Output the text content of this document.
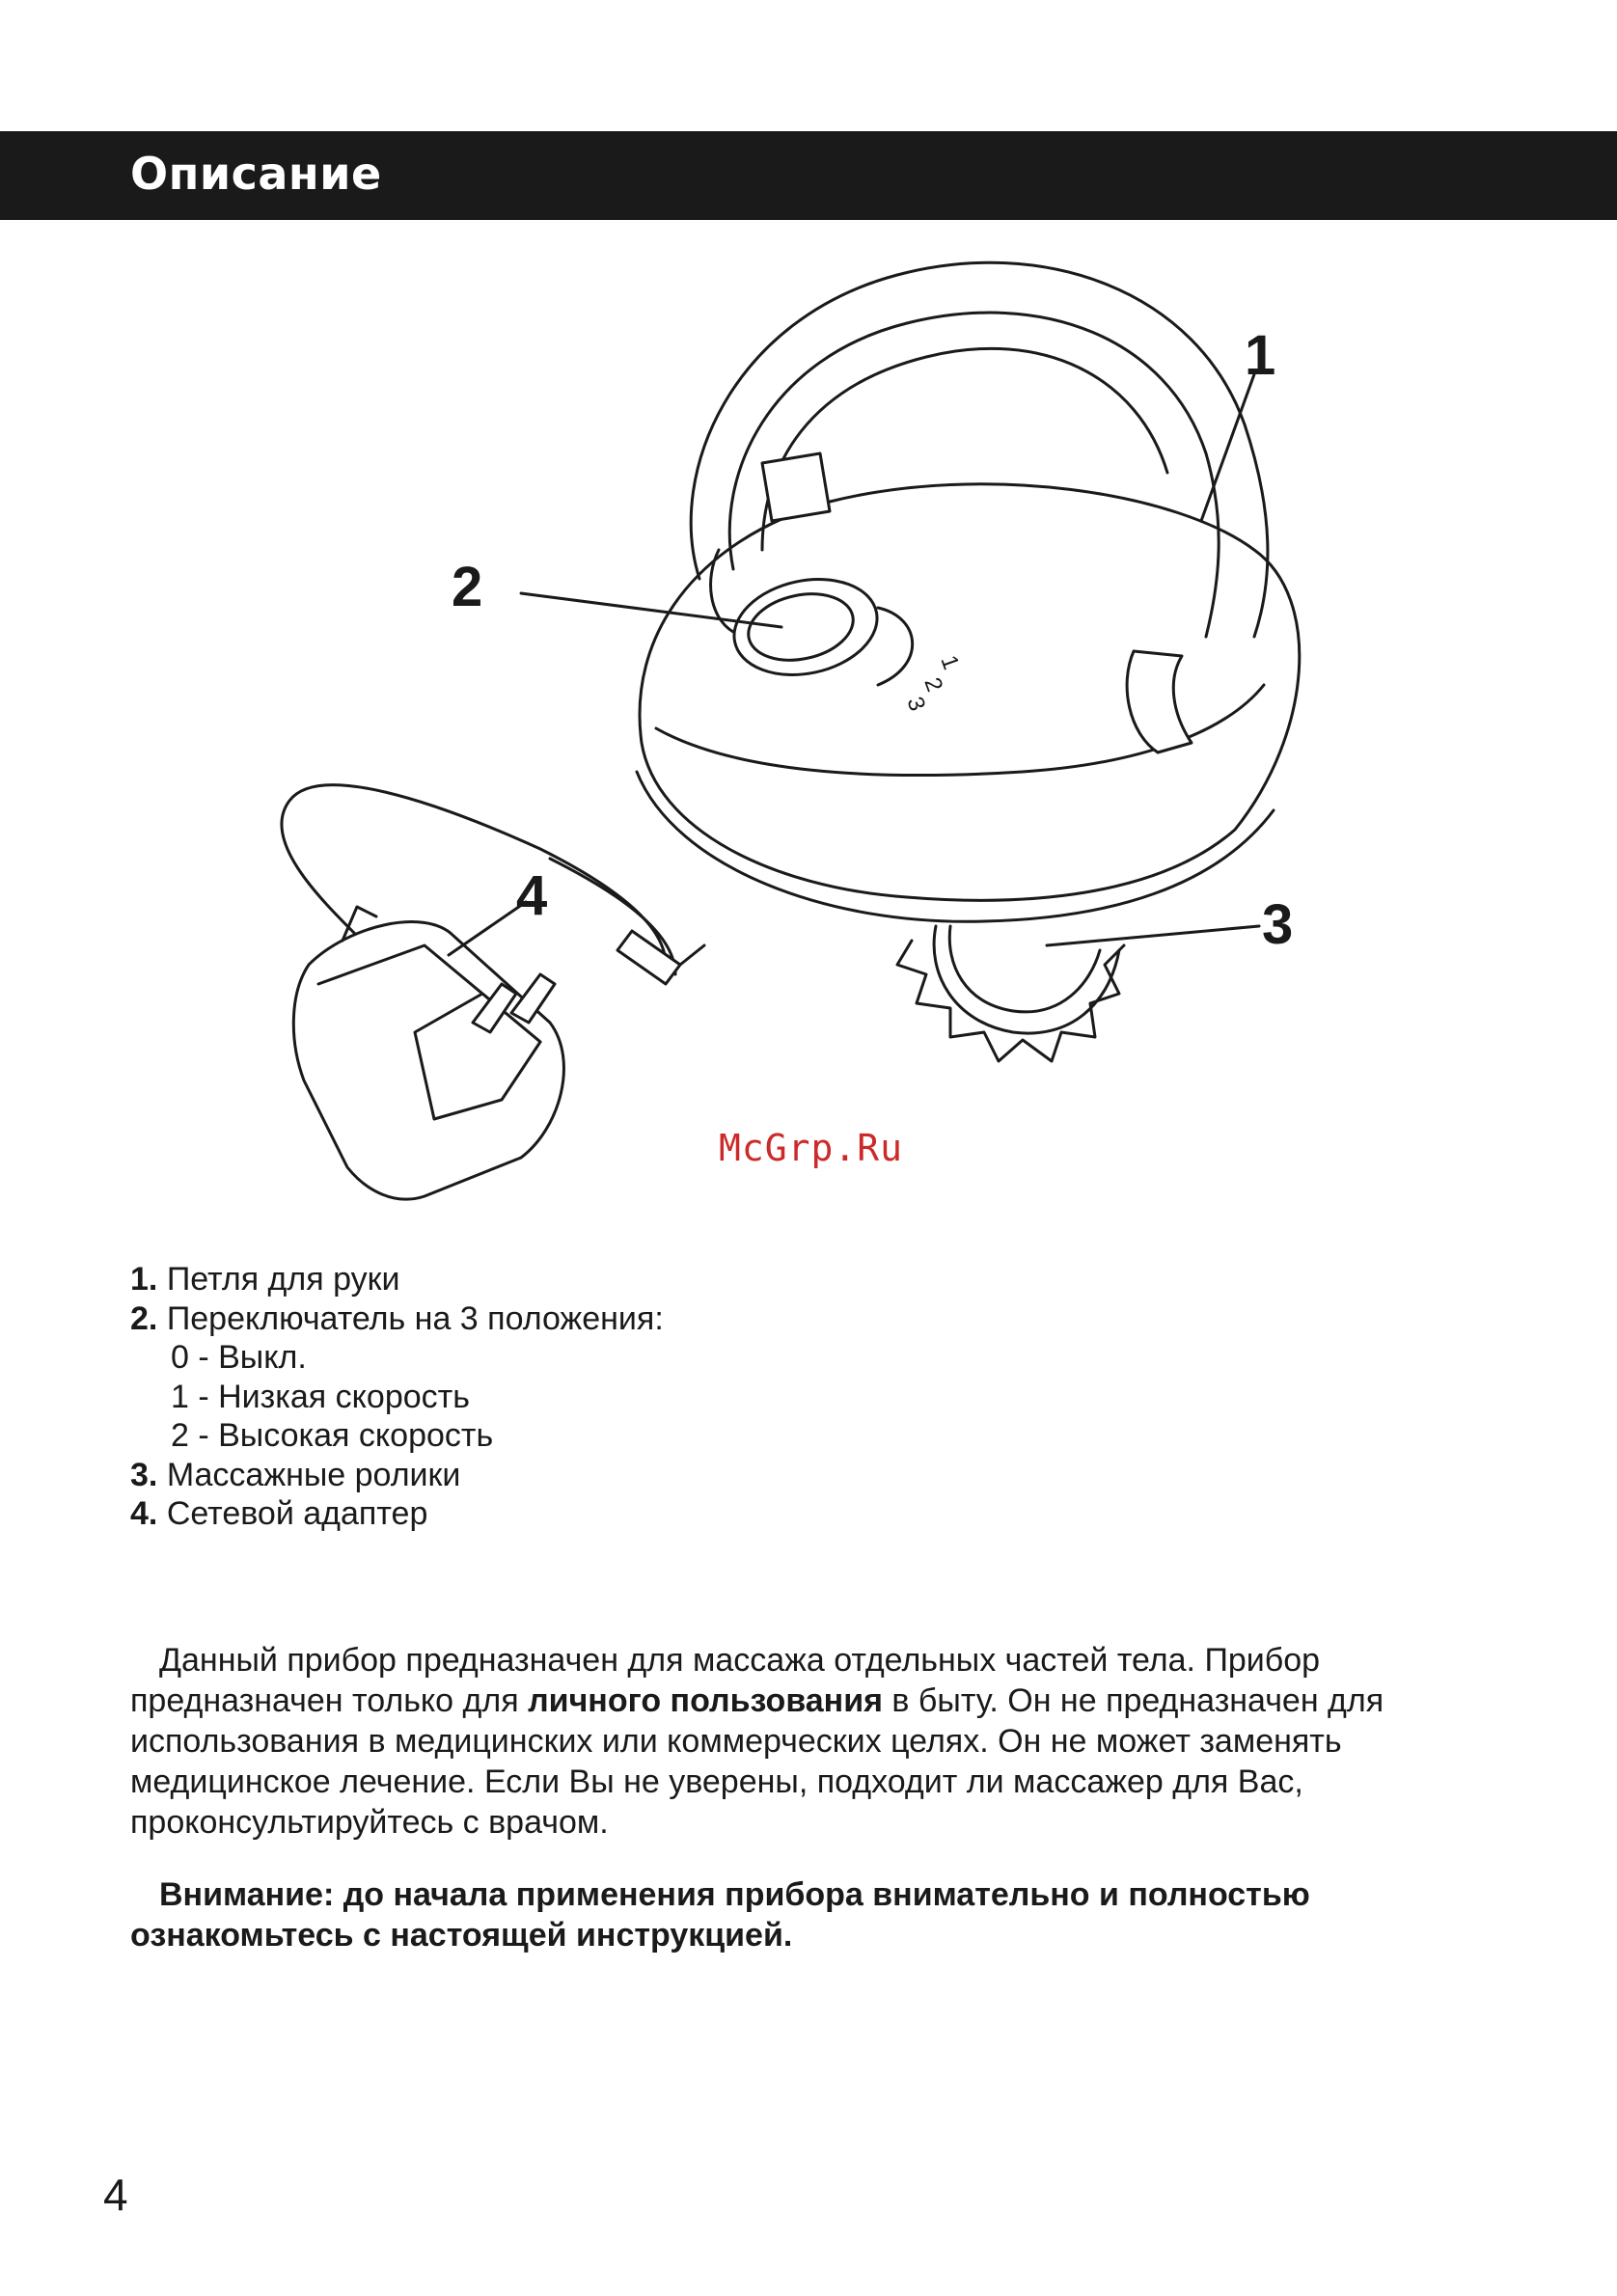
Описание
1
2
3
1
2
3
4
McGrp.Ru
1. Петля для руки
2. Переключатель на 3 положения:
0 - Выкл.
1 - Низкая скорость
2 - Высокая скорость
3. Массажные ролики
4. Сетевой адаптер
Данный прибор предназначен для массажа отдельных частей тела. Прибор предназначен только для личного пользования в быту. Он не предназначен для использования в медицинских или коммерческих целях. Он не может заменять медицинское лечение. Если Вы не уверены, подходит ли массажер для Вас, проконсультируйтесь с врачом.
Внимание: до начала применения прибора внимательно и полностью ознакомьтесь с настоящей инструкцией.
4
